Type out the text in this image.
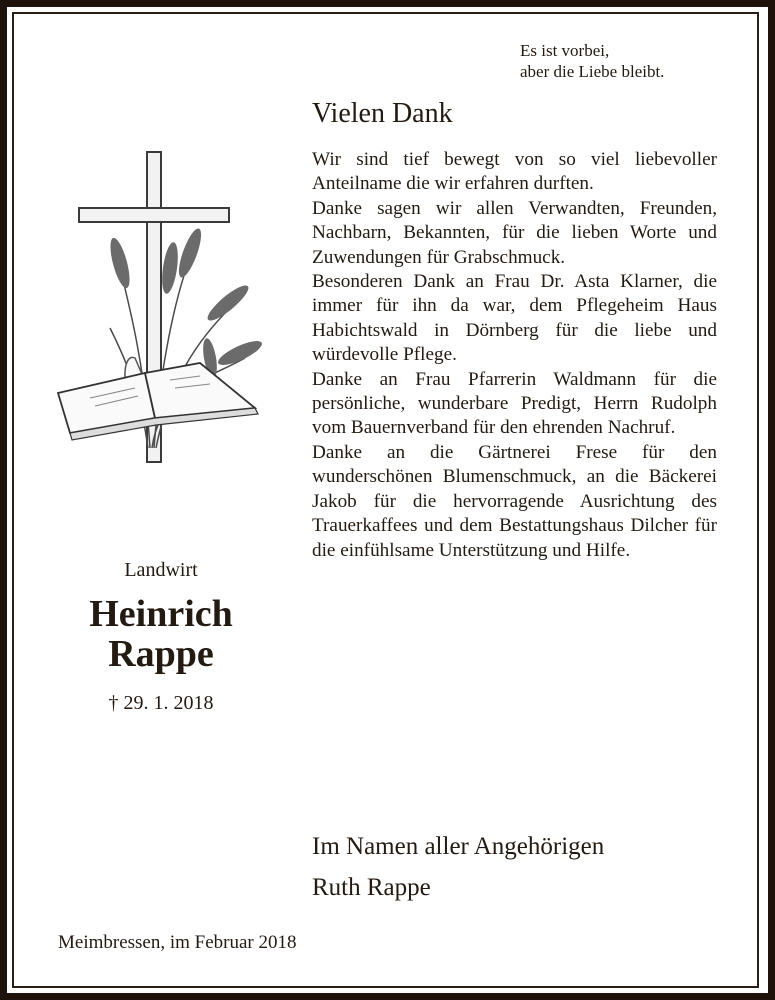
Es ist vorbei,
aber die Liebe bleibt.
Vielen Dank
Landwirt
Heinrich
Rappe
† 29. 1. 2018

Wir sind tief bewegt von so viel liebevoller Anteilname die wir erfahren durften.

Danke sagen wir allen Verwandten, Freunden, Nachbarn, Bekannten, für die lieben Worte und Zuwendungen für Grabschmuck.

Besonderen Dank an Frau Dr. Asta Klarner, die immer für ihn da war, dem Pflegeheim Haus Habichtswald in Dörnberg für die liebe und würdevolle Pflege.

Danke an Frau Pfarrerin Waldmann für die persönliche, wunderbare Predigt, Herrn Rudolph vom Bauernverband für den ehrenden Nachruf.

Danke an die Gärtnerei Frese für den wunderschönen Blumenschmuck, an die Bäckerei Jakob für die hervorragende Ausrichtung des Trauerkaffees und dem Bestattungshaus Dilcher für die einfühlsame Unterstützung und Hilfe.

Im Namen aller Angehörigen
Ruth Rappe
Meimbressen, im Februar 2018
